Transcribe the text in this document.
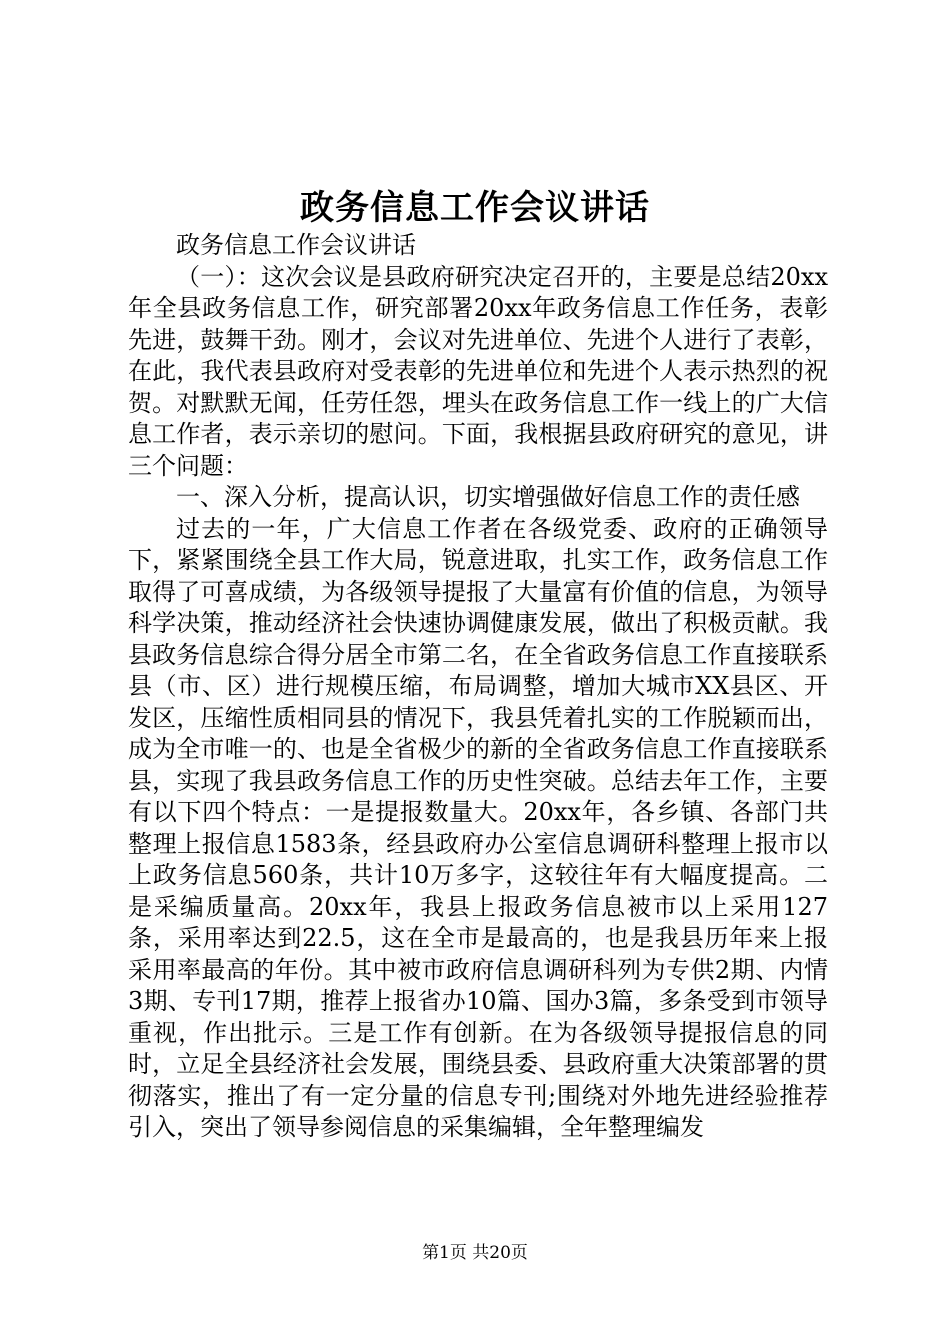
政务信息工作会议讲话

政务信息工作会议讲话

（一）：这次会议是县政府研究决定召开的，主要是总结20xx年全县政务信息工作，研究部署20xx年政务信息工作任务，表彰先进，鼓舞干劲。刚才，会议对先进单位、先进个人进行了表彰，在此，我代表县政府对受表彰的先进单位和先进个人表示热烈的祝贺。对默默无闻，任劳任怨，埋头在政务信息工作一线上的广大信息工作者，表示亲切的慰问。下面，我根据县政府研究的意见，讲三个问题：

一、深入分析，提高认识，切实增强做好信息工作的责任感

过去的一年，广大信息工作者在各级党委、政府的正确领导下，紧紧围绕全县工作大局，锐意进取，扎实工作，政务信息工作取得了可喜成绩，为各级领导提报了大量富有价值的信息，为领导科学决策，推动经济社会快速协调健康发展，做出了积极贡献。我县政务信息综合得分居全市第二名，在全省政务信息工作直接联系县（市、区）进行规模压缩，布局调整，增加大城市XX县区、开发区，压缩性质相同县的情况下，我县凭着扎实的工作脱颖而出，成为全市唯一的、也是全省极少的新的全省政务信息工作直接联系县，实现了我县政务信息工作的历史性突破。总结去年工作，主要有以下四个特点：一是提报数量大。20xx年，各乡镇、各部门共整理上报信息1583条，经县政府办公室信息调研科整理上报市以上政务信息560条，共计10万多字，这较往年有大幅度提高。二是采编质量高。20xx年，我县上报政务信息被市以上采用127条，采用率达到22.5，这在全市是最高的，也是我县历年来上报采用率最高的年份。其中被市政府信息调研科列为专供2期、内情3期、专刊17期，推荐上报省办10篇、国办3篇，多条受到市领导重视，作出批示。三是工作有创新。在为各级领导提报信息的同时，立足全县经济社会发展，围绕县委、县政府重大决策部署的贯彻落实，推出了有一定分量的信息专刊;围绕对外地先进经验推荐引入，突出了领导参阅信息的采集编辑，全年整理编发

第1页 共20页
